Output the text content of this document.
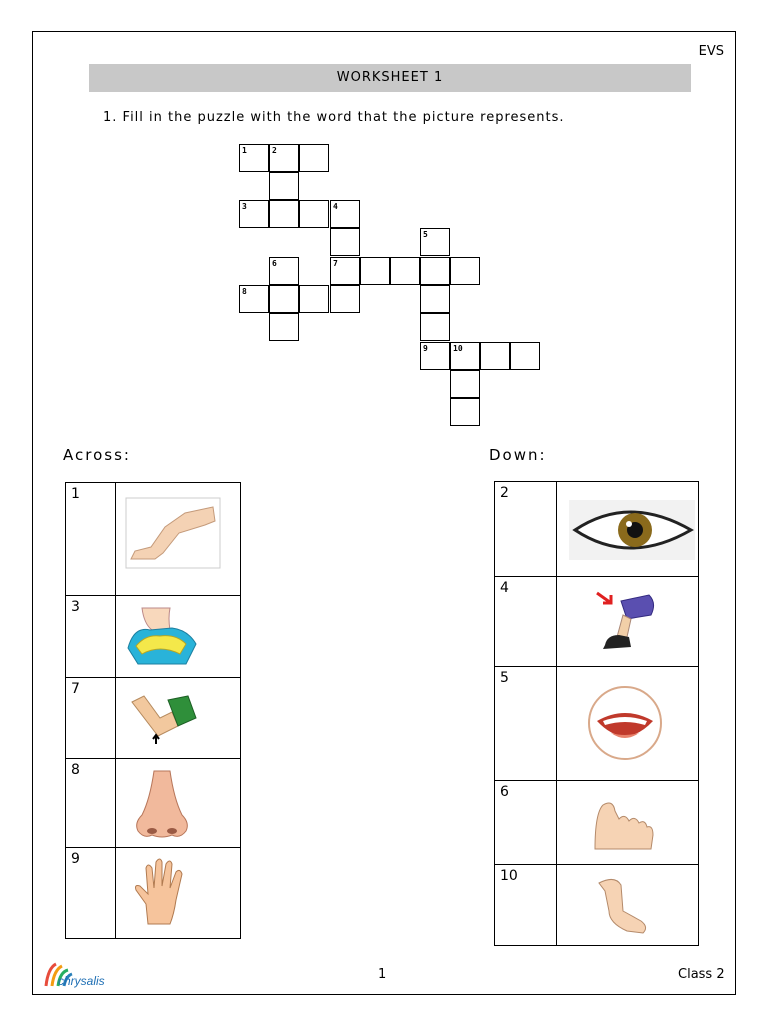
EVS
WORKSHEET 1
1. Fill in the puzzle with the word that the picture represents.
1	2
3	4
5
6	7
8
9	10
Across:	Down:
1	

3	

7	

8	

9	
2	

4	

5	

6	

10	
chrysalis	1	Class 2
